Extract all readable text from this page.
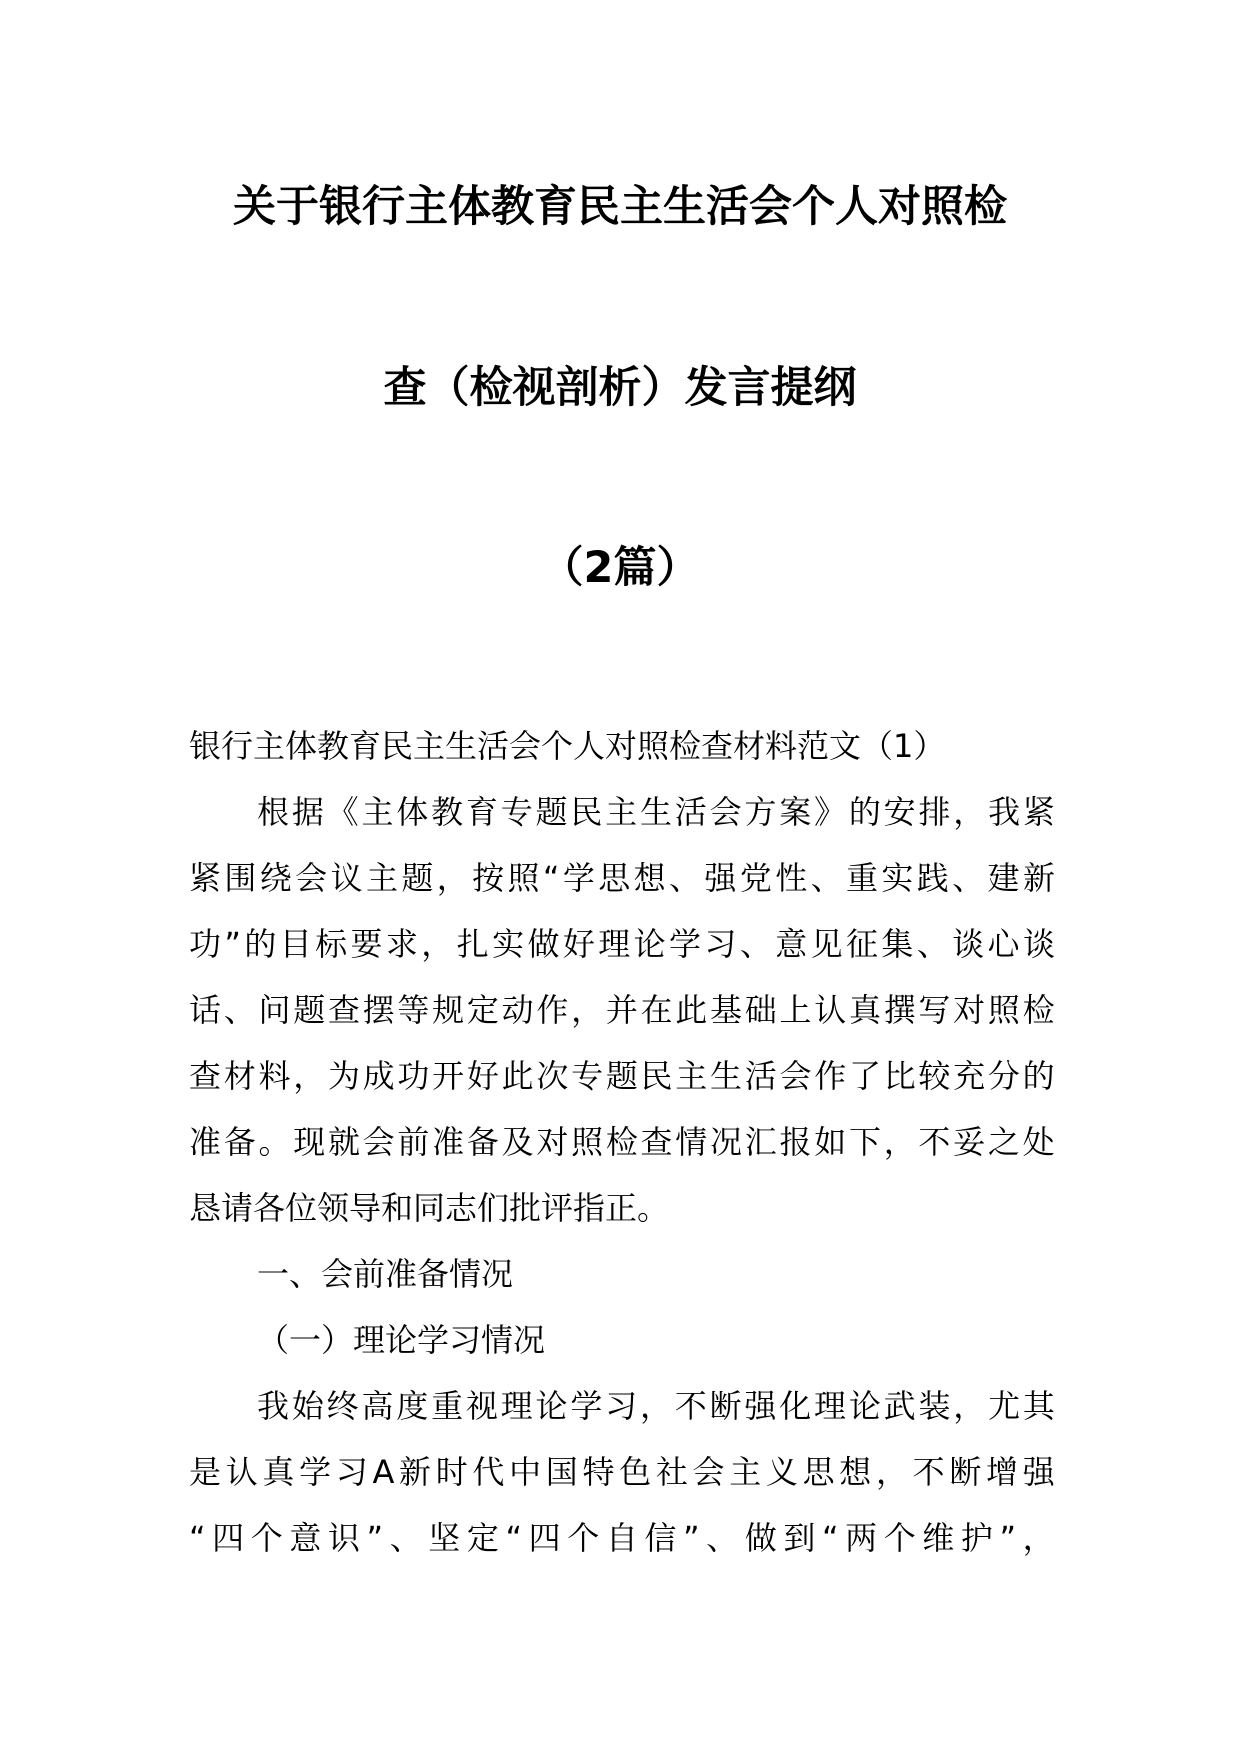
关于银行主体教育民主生活会个人对照检
查（检视剖析）发言提纲
（2篇）
银行主体教育民主生活会个人对照检查材料范文（1）
根 据 《 主 体 教 育 专 题 民 主 生 活 会 方 案 》 的 安 排 ， 我 紧
紧 围 绕 会 议 主 题 ， 按 照 “ 学 思 想 、 强 党 性 、 重 实 践 、 建 新
功 ” 的 目 标 要 求 ， 扎 实 做 好 理 论 学 习 、 意 见 征 集 、 谈 心 谈
话 、 问 题 查 摆 等 规 定 动 作 ， 并 在 此 基 础 上 认 真 撰 写 对 照 检
查 材 料 ， 为 成 功 开 好 此 次 专 题 民 主 生 活 会 作 了 比 较 充 分 的
准 备 。 现 就 会 前 准 备 及 对 照 检 查 情 况 汇 报 如 下 ， 不 妥 之 处
恳请各位领导和同志们批评指正。
一、会前准备情况
（一）理论学习情况
我 始 终 高 度 重 视 理 论 学 习 ， 不 断 强 化 理 论 武 装 ， 尤 其
是 认 真 学 习 A 新 时 代 中 国 特 色 社 会 主 义 思 想 ， 不 断 增 强
“ 四 个 意 识 ” 、 坚 定 “ 四 个 自 信 ” 、 做 到 “ 两 个 维 护 ” ，
